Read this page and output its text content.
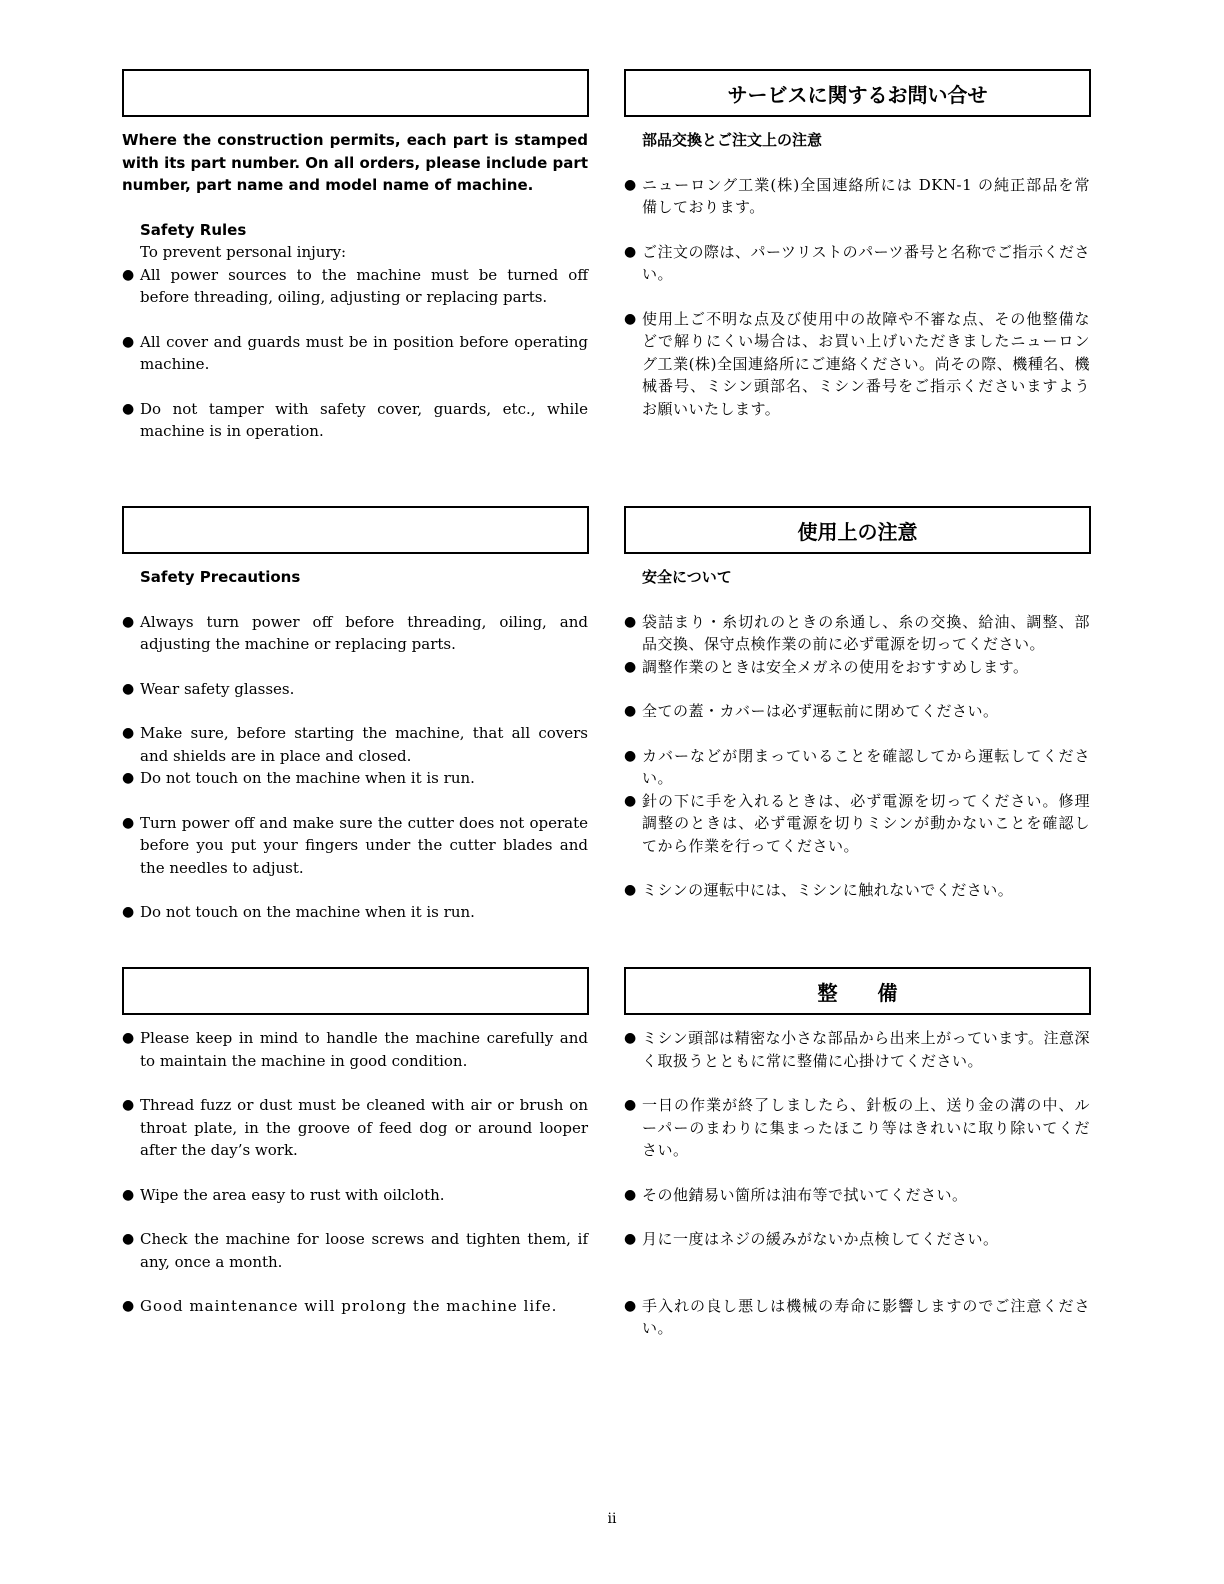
サービスに関するお問い合せ

Where the construction permits, each part is stamped with its part number. On all orders, please include part number, part name and model name of machine.

Safety Rules

To prevent personal injury:

● All power sources to the machine must be turned off before threading, oiling, adjusting or replacing parts.
● All cover and guards must be in position before operating machine.
● Do not tamper with safety cover, guards, etc., while machine is in operation.

部品交換とご注文上の注意

● ニューロング工業(株)全国連絡所には DKN-1 の純正部品を常備しております。
● ご注文の際は、パーツリストのパーツ番号と名称でご指示ください。
● 使用上ご不明な点及び使用中の故障や不審な点、その他整備などで解りにくい場合は、お買い上げいただきましたニューロング工業(株)全国連絡所にご連絡ください。尚その際、機種名、機械番号、ミシン頭部名、ミシン番号をご指示くださいますようお願いいたします。
使用上の注意

Safety Precautions

● Always turn power off before threading, oiling, and adjusting the machine or replacing parts.
● Wear safety glasses.
● Make sure, before starting the machine, that all covers and shields are in place and closed.
● Do not touch on the machine when it is run.
● Turn power off and make sure the cutter does not operate before you put your fingers under the cutter blades and the needles to adjust.
● Do not touch on the machine when it is run.

安全について

● 袋詰まり・糸切れのときの糸通し、糸の交換、給油、調整、部品交換、保守点検作業の前に必ず電源を切ってください。
● 調整作業のときは安全メガネの使用をおすすめします。
● 全ての蓋・カバーは必ず運転前に閉めてください。
● カバーなどが閉まっていることを確認してから運転してください。
● 針の下に手を入れるときは、必ず電源を切ってください。修理調整のときは、必ず電源を切りミシンが動かないことを確認してから作業を行ってください。
● ミシンの運転中には、ミシンに触れないでください。
整　　備
● Please keep in mind to handle the machine carefully and to maintain the machine in good condition.
● Thread fuzz or dust must be cleaned with air or brush on throat plate, in the groove of feed dog or around looper after the day’s work.
● Wipe the area easy to rust with oilcloth.
● Check the machine for loose screws and tighten them, if any, once a month.
● Good maintenance will prolong the machine life.
● ミシン頭部は精密な小さな部品から出来上がっています。注意深く取扱うとともに常に整備に心掛けてください。
● 一日の作業が終了しましたら、針板の上、送り金の溝の中、ルーパーのまわりに集まったほこり等はきれいに取り除いてください。
● その他錆易い箇所は油布等で拭いてください。
● 月に一度はネジの緩みがないか点検してください。
● 手入れの良し悪しは機械の寿命に影響しますのでご注意ください。
ii
